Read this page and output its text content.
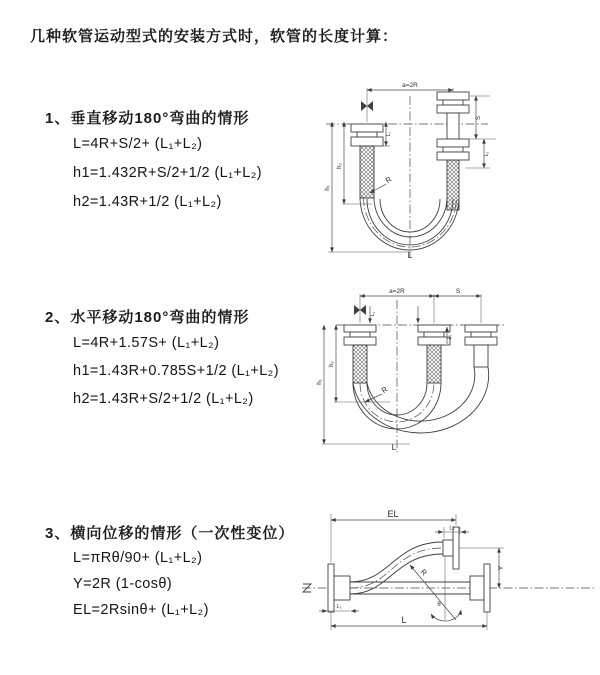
几种软管运动型式的安装方式时，软管的长度计算：
1、垂直移动180°弯曲的情形
L=4R+S/2+ (L₁+L₂)
h1=1.432R+S/2+1/2 (L₁+L₂)
h2=1.43R+1/2 (L₁+L₂)
2、水平移动180°弯曲的情形
L=4R+1.57S+ (L₁+L₂)
h1=1.43R+0.785S+1/2 (L₁+L₂)
h2=1.43R+S/2+1/2 (L₁+L₂)
3、横向位移的情形（一次性变位）
L=πRθ/90+ (L₁+L₂)
Y=2R (1-cosθ)
EL=2Rsinθ+ (L₁+L₂)
a=2R
h₁
h₂
L₁
S
L₂
R
L
a=2R	S
h₁
h₂
L₁
L₂
R
L
EL
L₂
Y
L
L₁
R
θ
